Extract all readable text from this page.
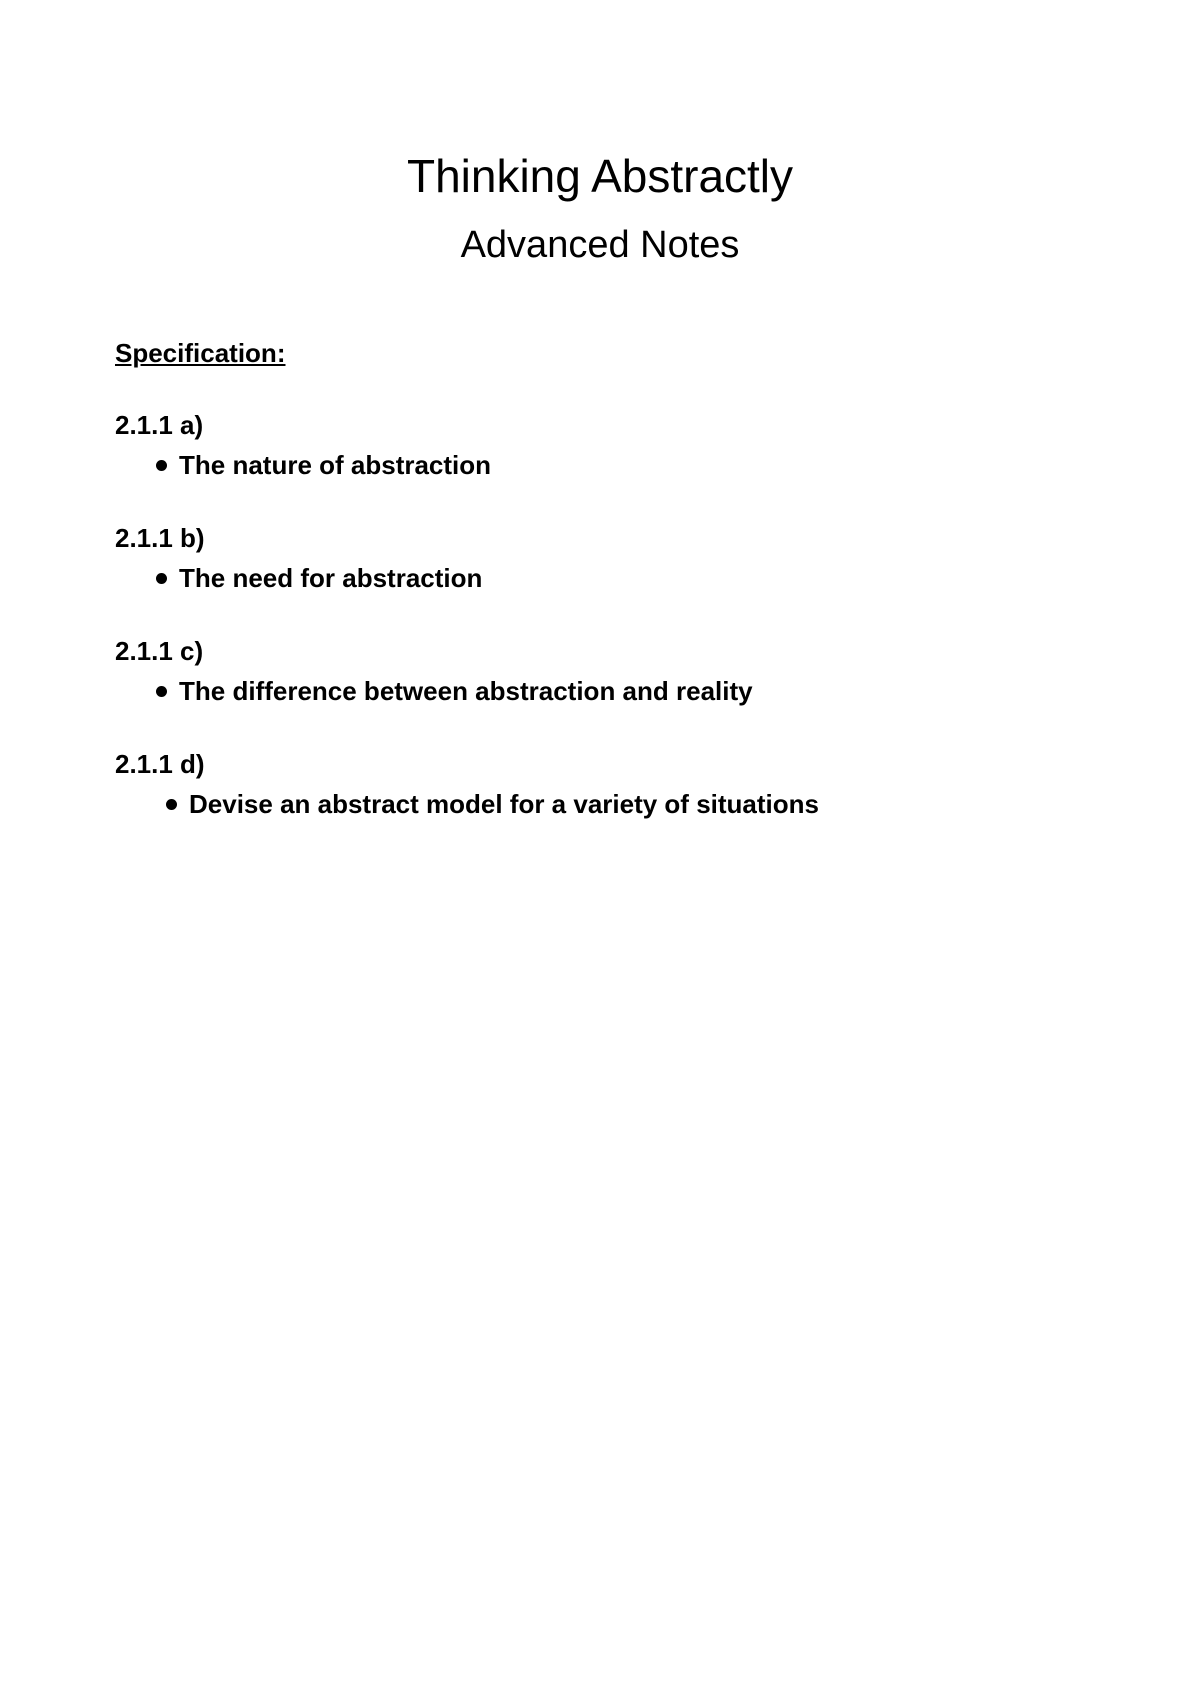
Thinking Abstractly
Advanced Notes
Specification:
2.1.1 a)
The nature of abstraction
2.1.1 b)
The need for abstraction
2.1.1 c)
The difference between abstraction and reality
2.1.1 d)
Devise an abstract model for a variety of situations
